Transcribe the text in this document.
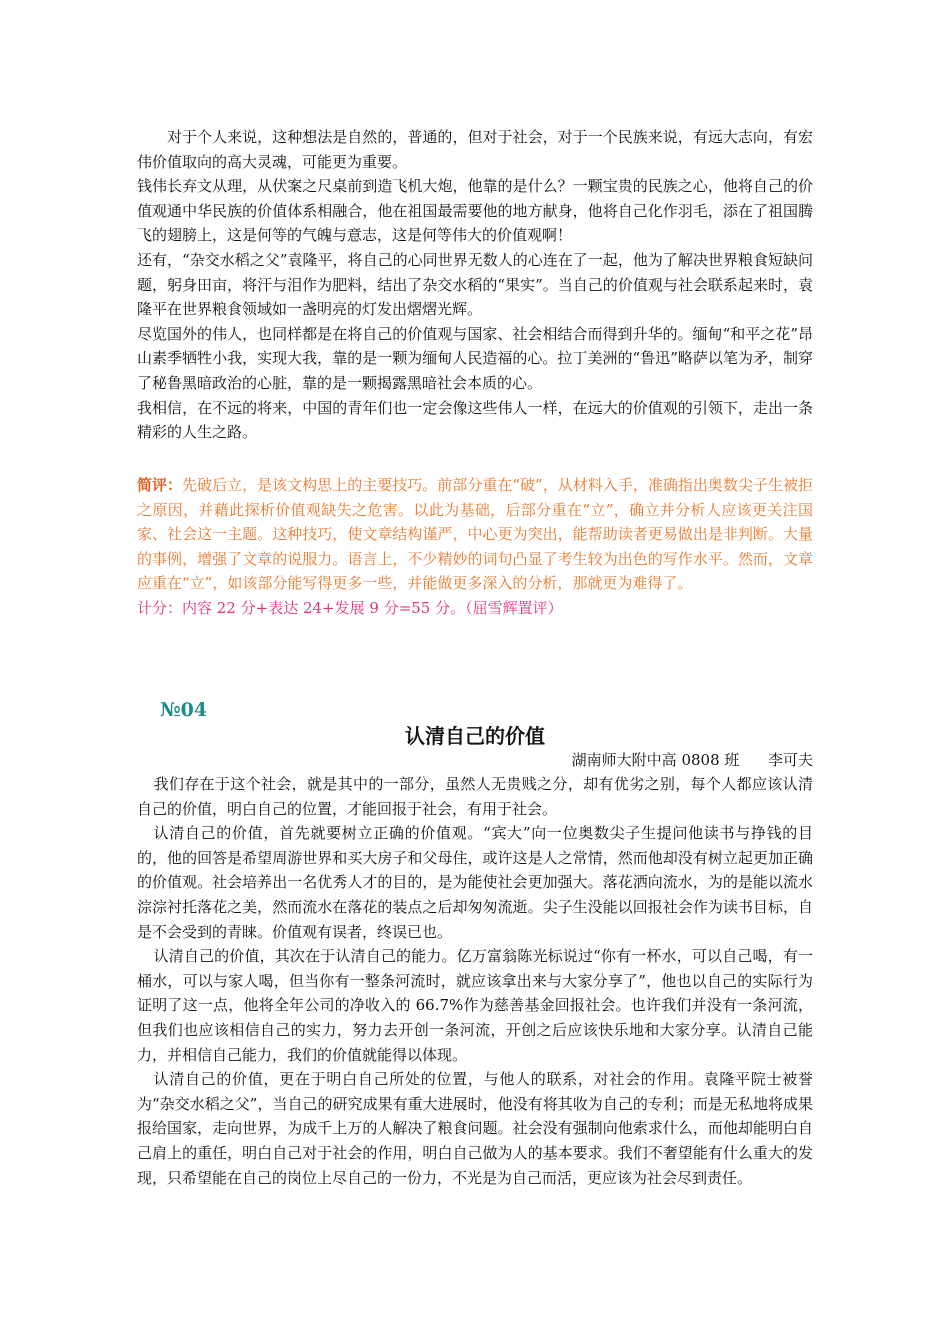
对于个人来说，这种想法是自然的，普通的，但对于社会，对于一个民族来说，有远大志向，有宏伟价值取向的高大灵魂，可能更为重要。

钱伟长弃文从理，从伏案之尺桌前到造飞机大炮，他靠的是什么？一颗宝贵的民族之心，他将自己的价值观通中华民族的价值体系相融合，他在祖国最需要他的地方献身，他将自己化作羽毛，添在了祖国腾飞的翅膀上，这是何等的气魄与意志，这是何等伟大的价值观啊！

还有，“杂交水稻之父”袁隆平，将自己的心同世界无数人的心连在了一起，他为了解决世界粮食短缺问题，躬身田亩，将汗与泪作为肥料，结出了杂交水稻的“果实”。当自己的价值观与社会联系起来时，袁隆平在世界粮食领域如一盏明亮的灯发出熠熠光辉。

尽览国外的伟人，也同样都是在将自己的价值观与国家、社会相结合而得到升华的。缅甸“和平之花”昂山素季牺牲小我，实现大我，靠的是一颗为缅甸人民造福的心。拉丁美洲的“鲁迅”略萨以笔为矛，制穿了秘鲁黑暗政治的心脏，靠的是一颗揭露黑暗社会本质的心。

我相信，在不远的将来，中国的青年们也一定会像这些伟人一样，在远大的价值观的引领下，走出一条精彩的人生之路。

简评：先破后立，是该文构思上的主要技巧。前部分重在“破”，从材料入手，准确指出奥数尖子生被拒之原因，并藉此探析价值观缺失之危害。以此为基础，后部分重在“立”，确立并分析人应该更关注国家、社会这一主题。这种技巧，使文章结构谨严，中心更为突出，能帮助读者更易做出是非判断。大量的事例，增强了文章的说服力。语言上，不少精妙的词句凸显了考生较为出色的写作水平。然而，文章应重在“立”，如该部分能写得更多一些，并能做更多深入的分析，那就更为难得了。

计分：内容 22 分+表达 24+发展 9 分=55 分。（屈雪辉置评）

№04
认清自己的价值
湖南师大附中高 0808 班      李可夫

我们存在于这个社会，就是其中的一部分，虽然人无贵贱之分，却有优劣之别，每个人都应该认清自己的价值，明白自己的位置，才能回报于社会，有用于社会。

认清自己的价值，首先就要树立正确的价值观。“宾大”向一位奥数尖子生提问他读书与挣钱的目的，他的回答是希望周游世界和买大房子和父母住，或许这是人之常情，然而他却没有树立起更加正确的价值观。社会培养出一名优秀人才的目的，是为能使社会更加强大。落花洒向流水，为的是能以流水淙淙衬托落花之美，然而流水在落花的装点之后却匆匆流逝。尖子生没能以回报社会作为读书目标，自是不会受到的青睐。价值观有误者，终误已也。

认清自己的价值，其次在于认清自己的能力。亿万富翁陈光标说过“你有一杯水，可以自己喝，有一桶水，可以与家人喝，但当你有一整条河流时，就应该拿出来与大家分享了”，他也以自己的实际行为证明了这一点，他将全年公司的净收入的 66.7%作为慈善基金回报社会。也许我们并没有一条河流，但我们也应该相信自己的实力，努力去开创一条河流，开创之后应该快乐地和大家分享。认清自己能力，并相信自己能力，我们的价值就能得以体现。

认清自己的价值，更在于明白自己所处的位置，与他人的联系，对社会的作用。袁隆平院士被誉为“杂交水稻之父”，当自己的研究成果有重大进展时，他没有将其收为自己的专利；而是无私地将成果报给国家，走向世界，为成千上万的人解决了粮食问题。社会没有强制向他索求什么，而他却能明白自己肩上的重任，明白自己对于社会的作用，明白自己做为人的基本要求。我们不奢望能有什么重大的发现，只希望能在自己的岗位上尽自己的一份力，不光是为自己而活，更应该为社会尽到责任。
